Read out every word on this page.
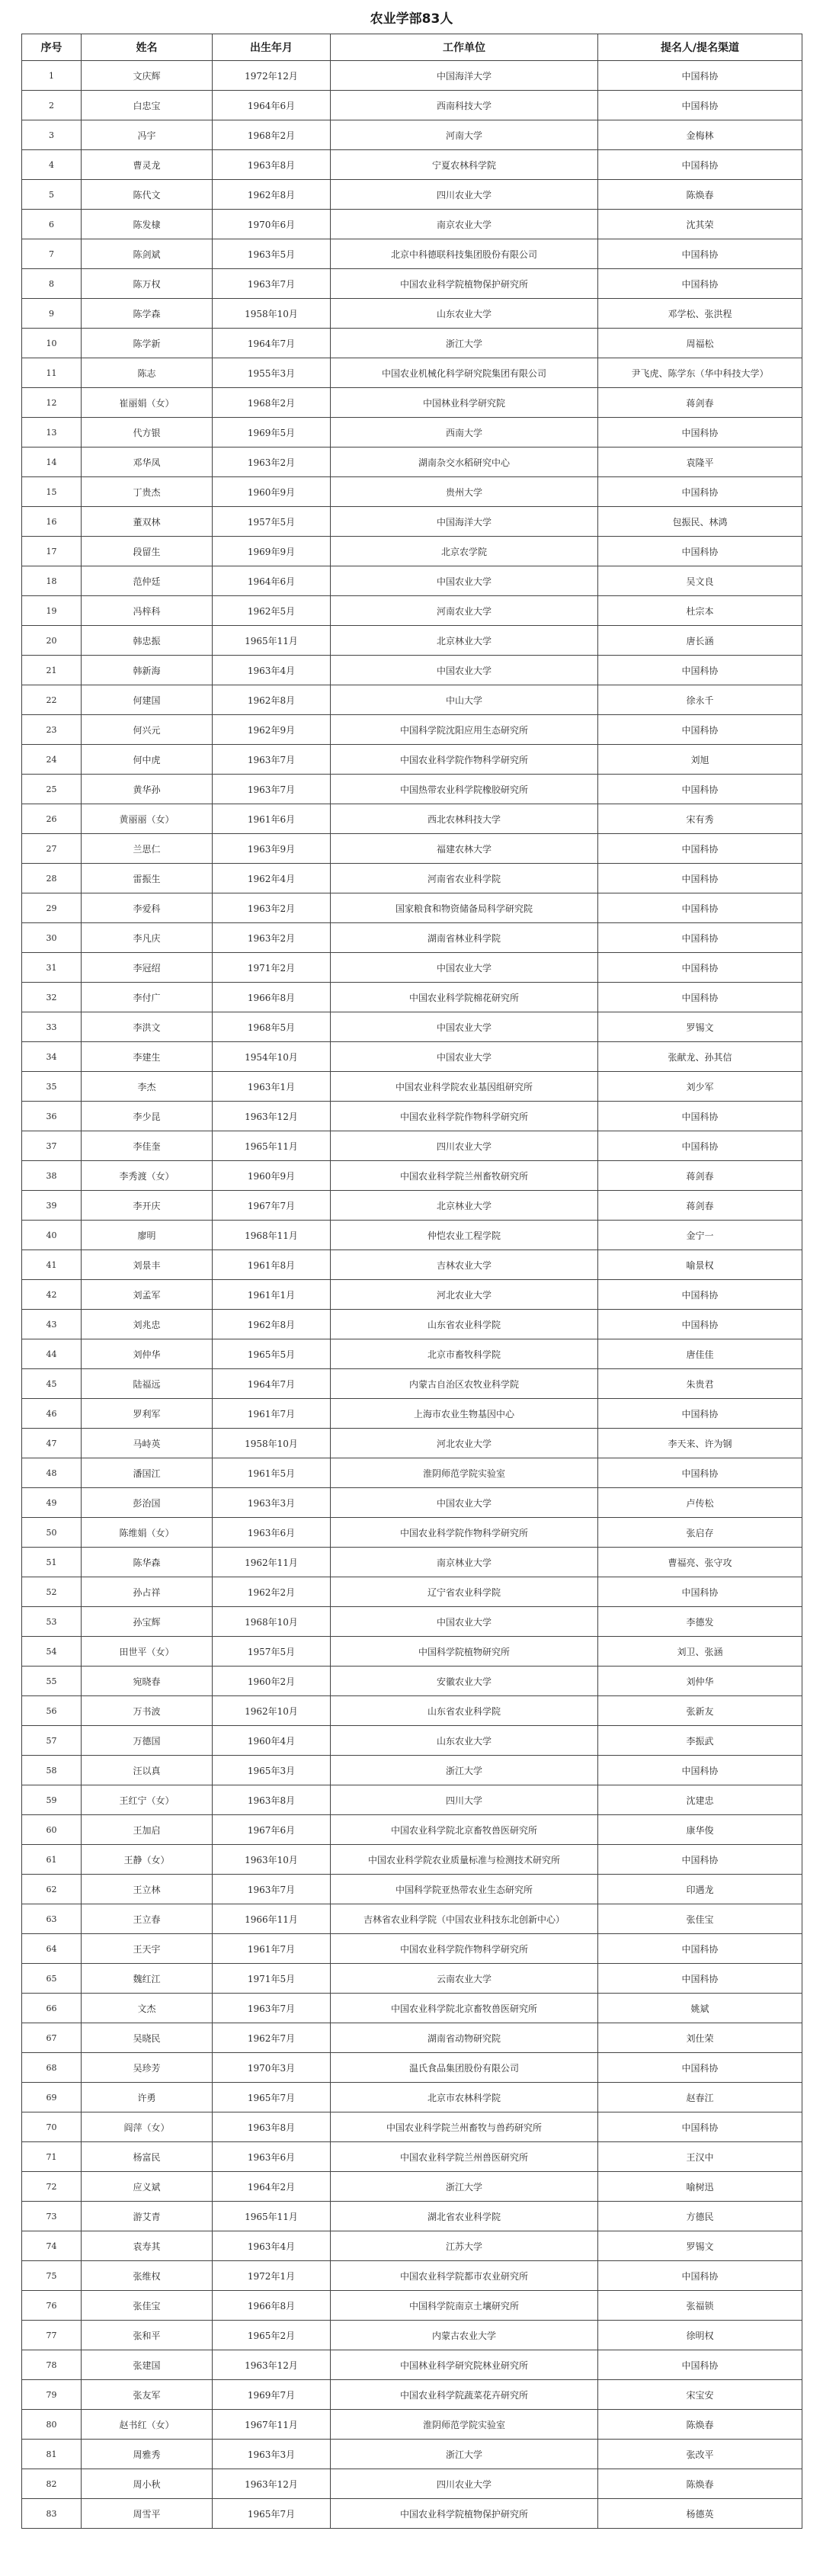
农业学部83人
序号	姓名	出生年月	工作单位	提名人/提名渠道
1	文庆辉	1972年12月	中国海洋大学	中国科协
2	白忠宝	1964年6月	西南科技大学	中国科协
3	冯宇	1968年2月	河南大学	金梅林
4	曹灵龙	1963年8月	宁夏农林科学院	中国科协
5	陈代文	1962年8月	四川农业大学	陈焕春
6	陈发棣	1970年6月	南京农业大学	沈其荣
7	陈剑斌	1963年5月	北京中科德联科技集团股份有限公司	中国科协
8	陈万权	1963年7月	中国农业科学院植物保护研究所	中国科协
9	陈学森	1958年10月	山东农业大学	邓学松、张洪程
10	陈学新	1964年7月	浙江大学	周福松
11	陈志	1955年3月	中国农业机械化科学研究院集团有限公司	尹飞虎、陈学东（华中科技大学）
12	崔丽娟（女）	1968年2月	中国林业科学研究院	蒋剑春
13	代方银	1969年5月	西南大学	中国科协
14	邓华凤	1963年2月	湖南杂交水稻研究中心	袁隆平
15	丁贵杰	1960年9月	贵州大学	中国科协
16	董双林	1957年5月	中国海洋大学	包振民、林鸿
17	段留生	1969年9月	北京农学院	中国科协
18	范仲廷	1964年6月	中国农业大学	吴文良
19	冯梓科	1962年5月	河南农业大学	杜宗本
20	韩忠振	1965年11月	北京林业大学	唐长涵
21	韩新海	1963年4月	中国农业大学	中国科协
22	何建国	1962年8月	中山大学	徐永千
23	何兴元	1962年9月	中国科学院沈阳应用生态研究所	中国科协
24	何中虎	1963年7月	中国农业科学院作物科学研究所	刘旭
25	黄华孙	1963年7月	中国热带农业科学院橡胶研究所	中国科协
26	黄丽丽（女）	1961年6月	西北农林科技大学	宋有秀
27	兰思仁	1963年9月	福建农林大学	中国科协
28	雷振生	1962年4月	河南省农业科学院	中国科协
29	李爱科	1963年2月	国家粮食和物资储备局科学研究院	中国科协
30	李凡庆	1963年2月	湖南省林业科学院	中国科协
31	李冠绍	1971年2月	中国农业大学	中国科协
32	李付广	1966年8月	中国农业科学院棉花研究所	中国科协
33	李洪文	1968年5月	中国农业大学	罗锡文
34	李建生	1954年10月	中国农业大学	张献龙、孙其信
35	李杰	1963年1月	中国农业科学院农业基因组研究所	刘少军
36	李少昆	1963年12月	中国农业科学院作物科学研究所	中国科协
37	李佳奎	1965年11月	四川农业大学	中国科协
38	李秀渡（女）	1960年9月	中国农业科学院兰州畜牧研究所	蒋剑春
39	李开庆	1967年7月	北京林业大学	蒋剑春
40	廖明	1968年11月	仲恺农业工程学院	金宁一
41	刘景丰	1961年8月	吉林农业大学	喻景权
42	刘孟军	1961年1月	河北农业大学	中国科协
43	刘兆忠	1962年8月	山东省农业科学院	中国科协
44	刘仲华	1965年5月	北京市畜牧科学院	唐佳佳
45	陆福远	1964年7月	内蒙古自治区农牧业科学院	朱贵君
46	罗利军	1961年7月	上海市农业生物基因中心	中国科协
47	马峙英	1958年10月	河北农业大学	李天来、许为钢
48	潘国江	1961年5月	淮阴师范学院实验室	中国科协
49	彭治国	1963年3月	中国农业大学	卢传松
50	陈维娟（女）	1963年6月	中国农业科学院作物科学研究所	张启存
51	陈华森	1962年11月	南京林业大学	曹福亮、张守攻
52	孙占祥	1962年2月	辽宁省农业科学院	中国科协
53	孙宝辉	1968年10月	中国农业大学	李德发
54	田世平（女）	1957年5月	中国科学院植物研究所	刘卫、张涵
55	宛晓春	1960年2月	安徽农业大学	刘仲华
56	万书波	1962年10月	山东省农业科学院	张新友
57	万德国	1960年4月	山东农业大学	李振武
58	汪以真	1965年3月	浙江大学	中国科协
59	王红宁（女）	1963年8月	四川大学	沈建忠
60	王加启	1967年6月	中国农业科学院北京畜牧兽医研究所	康华俊
61	王静（女）	1963年10月	中国农业科学院农业质量标准与检测技术研究所	中国科协
62	王立林	1963年7月	中国科学院亚热带农业生态研究所	印遇龙
63	王立春	1966年11月	吉林省农业科学院（中国农业科技东北创新中心）	张佳宝
64	王天宇	1961年7月	中国农业科学院作物科学研究所	中国科协
65	魏红江	1971年5月	云南农业大学	中国科协
66	文杰	1963年7月	中国农业科学院北京畜牧兽医研究所	姚斌
67	吴晓民	1962年7月	湖南省动物研究院	刘仕荣
68	吴珍芳	1970年3月	温氏食品集团股份有限公司	中国科协
69	许勇	1965年7月	北京市农林科学院	赵春江
70	阎萍（女）	1963年8月	中国农业科学院兰州畜牧与兽药研究所	中国科协
71	杨富民	1963年6月	中国农业科学院兰州兽医研究所	王汉中
72	应义斌	1964年2月	浙江大学	喻树迅
73	游艾青	1965年11月	湖北省农业科学院	方德民
74	袁寿其	1963年4月	江苏大学	罗锡文
75	张维权	1972年1月	中国农业科学院都市农业研究所	中国科协
76	张佳宝	1966年8月	中国科学院南京土壤研究所	张福锁
77	张和平	1965年2月	内蒙古农业大学	徐明权
78	张建国	1963年12月	中国林业科学研究院林业研究所	中国科协
79	张友军	1969年7月	中国农业科学院蔬菜花卉研究所	宋宝安
80	赵书红（女）	1967年11月	淮阴师范学院实验室	陈焕春
81	周雅秀	1963年3月	浙江大学	张改平
82	周小秋	1963年12月	四川农业大学	陈焕春
83	周雪平	1965年7月	中国农业科学院植物保护研究所	杨德英
